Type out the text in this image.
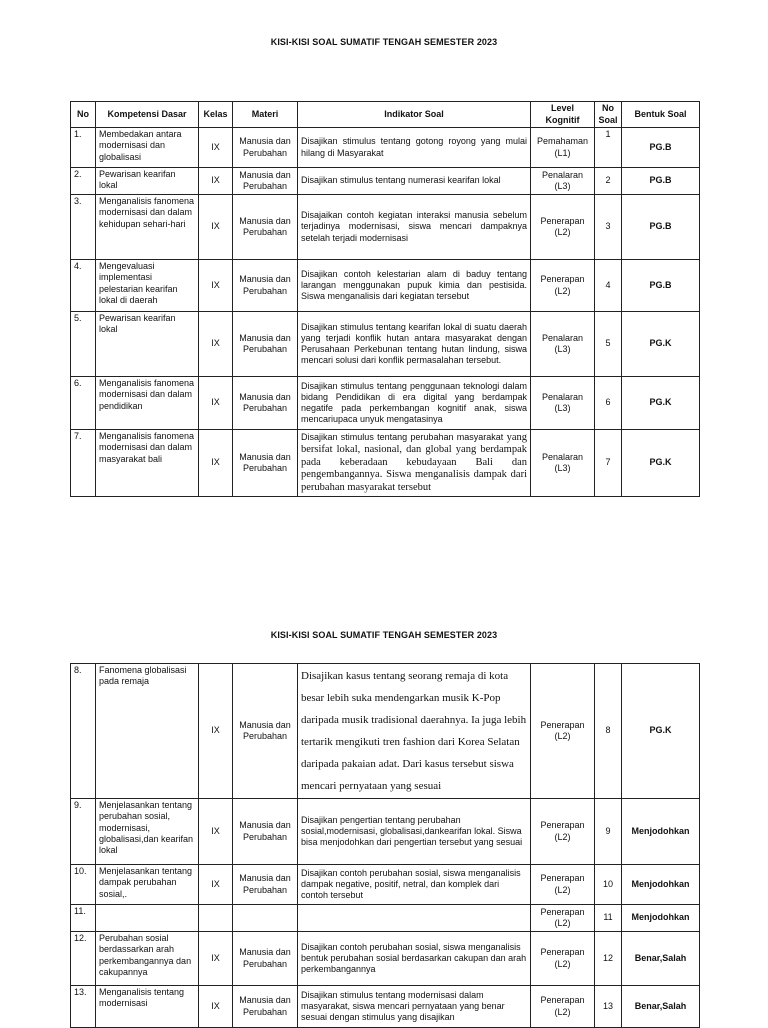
KISI-KISI SOAL SUMATIF TENGAH SEMESTER 2023
No	Kompetensi Dasar	Kelas	Materi	Indikator Soal	Level Kognitif	No Soal	Bentuk Soal
1.	Membedakan antara modernisasi dan globalisasi	IX	Manusia dan Perubahan	Disajikan stimulus tentang gotong royong yang mulai hilang di Masyarakat	Pemahaman (L1)	1	PG.B
2.	Pewarisan kearifan lokal	IX	Manusia dan Perubahan	Disajikan stimulus tentang numerasi kearifan lokal	Penalaran (L3)	2	PG.B
3.	Menganalisis fanomena modernisasi dan dalam kehidupan sehari-hari	IX	Manusia dan Perubahan	Disajaikan contoh kegiatan interaksi manusia sebelum terjadinya modernisasi, siswa mencari dampaknya setelah terjadi modernisasi	Penerapan (L2)	3	PG.B
4.	Mengevaluasi implementasi pelestarian kearifan lokal di daerah	IX	Manusia dan Perubahan	Disajikan contoh kelestarian alam di baduy tentang larangan menggunakan pupuk kimia dan pestisida. Siswa menganalisis dari kegiatan tersebut	Penerapan (L2)	4	PG.B
5.	Pewarisan kearifan lokal	IX	Manusia dan Perubahan	Disajikan stimulus tentang kearifan lokal di suatu daerah yang terjadi konflik hutan antara masyarakat dengan Perusahaan Perkebunan tentang hutan lindung, siswa mencari solusi dari konflik permasalahan tersebut.	Penalaran (L3)	5	PG.K
6.	Menganalisis fanomena modernisasi dan dalam pendidikan	IX	Manusia dan Perubahan	Disajikan stimulus tentang penggunaan teknologi dalam bidang Pendidikan di era digital yang berdampak negatife pada perkembangan kognitif anak, siswa mencariupaca unyuk mengatasinya	Penalaran (L3)	6	PG.K
7.	Menganalisis fanomena modernisasi dan dalam masyarakat bali	IX	Manusia dan Perubahan	Disajikan stimulus tentang perubahan masyarakat yang bersifat lokal, nasional, dan global yang berdampak pada keberadaan kebudayaan Bali dan pengembangannya. Siswa menganalisis dampak dari perubahan masyarakat tersebut	Penalaran (L3)	7	PG.K
KISI-KISI SOAL SUMATIF TENGAH SEMESTER 2023
8.	Fanomena globalisasi pada remaja	IX	Manusia dan Perubahan	Disajikan kasus tentang seorang remaja di kota besar lebih suka mendengarkan musik K-Pop daripada musik tradisional daerahnya. Ia juga lebih tertarik mengikuti tren fashion dari Korea Selatan daripada pakaian adat. Dari kasus tersebut siswa mencari pernyataan yang sesuai	Penerapan (L2)	8	PG.K
9.	Menjelasankan tentang perubahan sosial, modernisasi, globalisasi,dan kearifan lokal	IX	Manusia dan Perubahan	Disajikan pengertian tentang perubahan sosial,modernisasi, globalisasi,dankearifan lokal. Siswa bisa menjodohkan dari pengertian tersebut yang sesuai	Penerapan (L2)	9	Menjodohkan
10.	Menjelasankan tentang dampak perubahan sosial,.	IX	Manusia dan Perubahan	Disajikan contoh perubahan sosial, siswa menganalisis dampak negative, positif, netral, dan komplek dari contoh tersebut	Penerapan (L2)	10	Menjodohkan
11.					Penerapan (L2)	11	Menjodohkan
12.	Perubahan sosial berdassarkan arah perkembangannya dan cakupannya	IX	Manusia dan Perubahan	Disajikan contoh perubahan sosial, siswa menganalisis bentuk perubahan sosial berdasarkan cakupan dan arah perkembangannya	Penerapan (L2)	12	Benar,Salah
13.	Menganalisis tentang modernisasi	IX	Manusia dan Perubahan	Disajikan stimulus tentang modernisasi dalam masyarakat, siswa mencari pernyataan yang benar sesuai dengan stimulus yang disajikan	Penerapan (L2)	13	Benar,Salah
